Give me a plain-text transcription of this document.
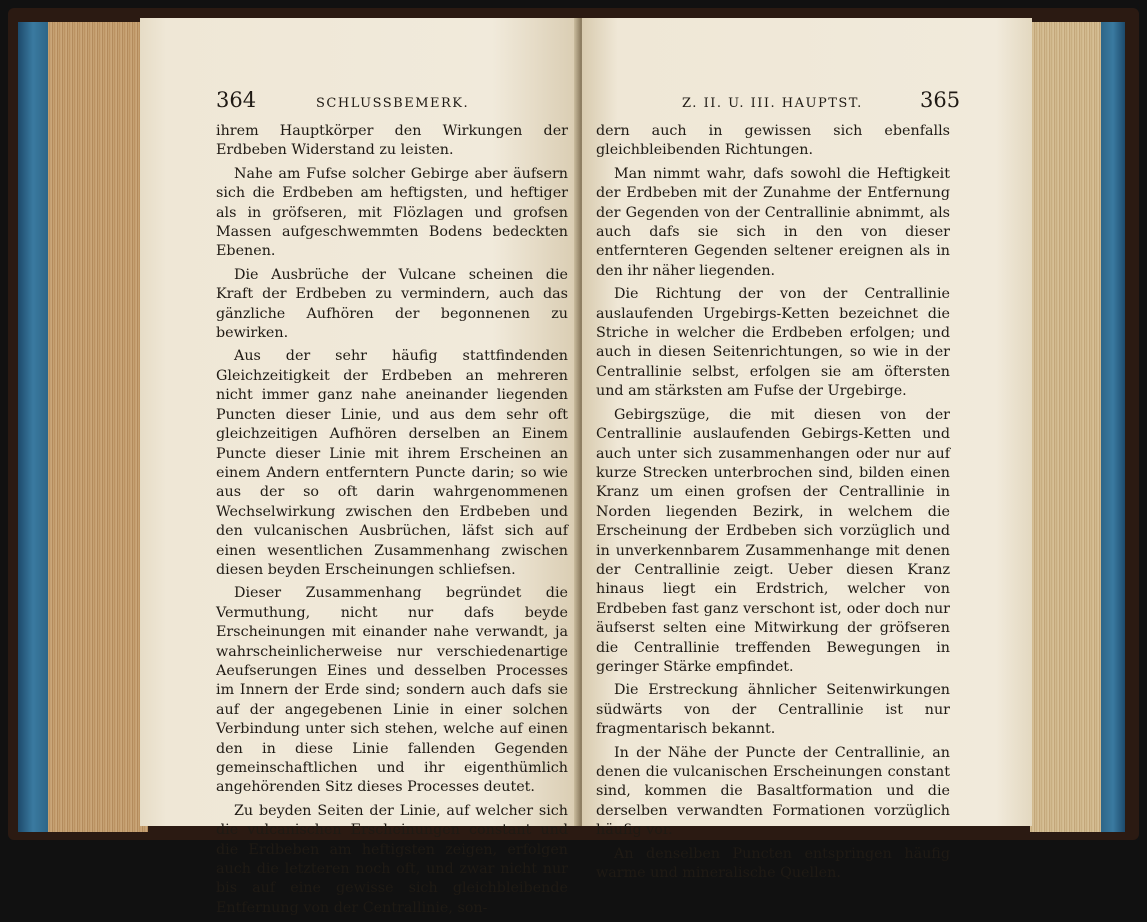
364	SCHLUSSBEMERK.

ihrem Hauptkörper den Wirkungen der Erdbeben Widerstand zu leisten.

Nahe am Fufse solcher Gebirge aber äufsern sich die Erdbeben am heftigsten, und heftiger als in gröfseren, mit Flözlagen und grofsen Massen aufgeschwemmten Bodens bedeckten Ebenen.

Die Ausbrüche der Vulcane scheinen die Kraft der Erdbeben zu vermindern, auch das gänzliche Aufhören der begonnenen zu bewirken.

Aus der sehr häufig stattfindenden Gleichzeitigkeit der Erdbeben an mehreren nicht immer ganz nahe aneinander liegenden Puncten dieser Linie, und aus dem sehr oft gleichzeitigen Aufhören derselben an Einem Puncte dieser Linie mit ihrem Erscheinen an einem Andern entferntern Puncte darin; so wie aus der so oft darin wahrgenommenen Wechselwirkung zwischen den Erdbeben und den vulcanischen Ausbrüchen, läfst sich auf einen wesentlichen Zusammenhang zwischen diesen beyden Erscheinungen schliefsen.

Dieser Zusammenhang begründet die Vermuthung, nicht nur dafs beyde Erscheinungen mit einander nahe verwandt, ja wahrscheinlicherweise nur verschiedenartige Aeufserungen Eines und desselben Processes im Innern der Erde sind; sondern auch dafs sie auf der angegebenen Linie in einer solchen Verbindung unter sich stehen, welche auf einen den in diese Linie fallenden Gegenden gemeinschaftlichen und ihr eigenthümlich angehörenden Sitz dieses Processes deutet.

Zu beyden Seiten der Linie, auf welcher sich die vulcanischen Erscheinungen constant und die Erdbeben am heftigsten zeigen, erfolgen auch die letzteren noch oft, und zwar nicht nur bis auf eine gewisse sich gleichbleibende Entfernung von der Centrallinie, son-

Z. II. U. III. HAUPTST.	365

dern auch in gewissen sich ebenfalls gleichbleibenden Richtungen.

Man nimmt wahr, dafs sowohl die Heftigkeit der Erdbeben mit der Zunahme der Entfernung der Gegenden von der Centrallinie abnimmt, als auch dafs sie sich in den von dieser entfernteren Gegenden seltener ereignen als in den ihr näher liegenden.

Die Richtung der von der Centrallinie auslaufenden Urgebirgs-Ketten bezeichnet die Striche in welcher die Erdbeben erfolgen; und auch in diesen Seitenrichtungen, so wie in der Centrallinie selbst, erfolgen sie am öftersten und am stärksten am Fufse der Urgebirge.

Gebirgszüge, die mit diesen von der Centrallinie auslaufenden Gebirgs-Ketten und auch unter sich zusammenhangen oder nur auf kurze Strecken unterbrochen sind, bilden einen Kranz um einen grofsen der Centrallinie in Norden liegenden Bezirk, in welchem die Erscheinung der Erdbeben sich vorzüglich und in unverkennbarem Zusammenhange mit denen der Centrallinie zeigt. Ueber diesen Kranz hinaus liegt ein Erdstrich, welcher von Erdbeben fast ganz verschont ist, oder doch nur äufserst selten eine Mitwirkung der gröfseren die Centrallinie treffenden Bewegungen in geringer Stärke empfindet.

Die Erstreckung ähnlicher Seitenwirkungen südwärts von der Centrallinie ist nur fragmentarisch bekannt.

In der Nähe der Puncte der Centrallinie, an denen die vulcanischen Erscheinungen constant sind, kommen die Basaltformation und die derselben verwandten Formationen vorzüglich häufig vor.

An denselben Puncten entspringen häufig warme und mineralische Quellen.
